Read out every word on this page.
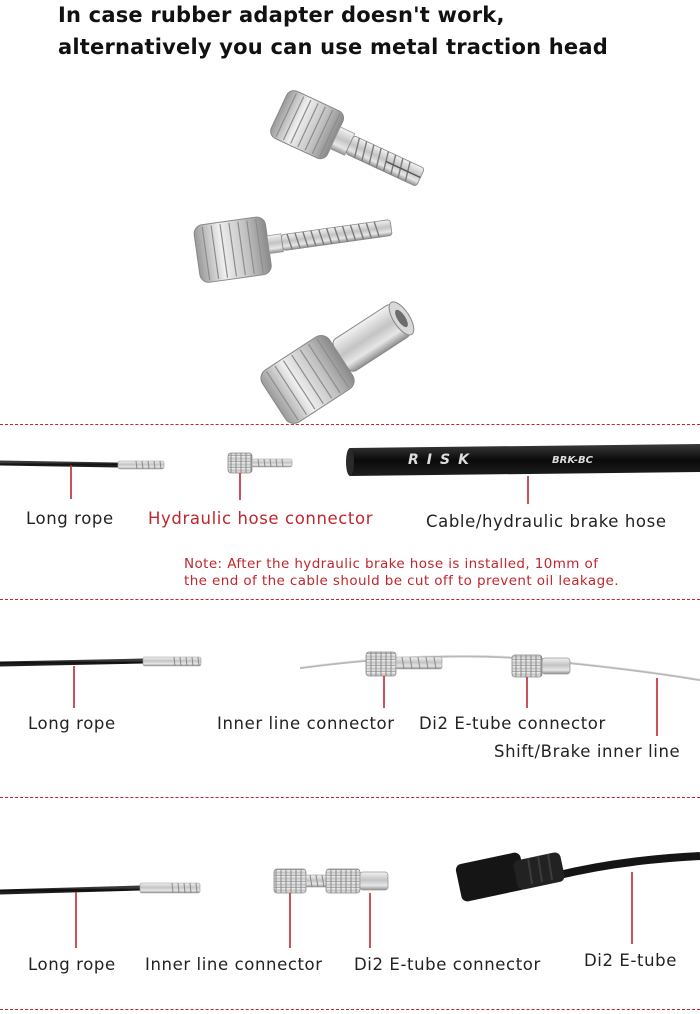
In case rubber adapter doesn't work,
alternatively you can use metal traction head
RISK	BRK-BC
Long rope Hydraulic hose connector	Cable/hydraulic brake hose
Note: After the hydraulic brake hose is installed, 10mm of
the end of the cable should be cut off to prevent oil leakage.
Long rope	Inner line connector Di2 E-tube connector
Shift/Brake inner line
Long rope Inner line connector Di2 E-tube connector	Di2 E-tube
